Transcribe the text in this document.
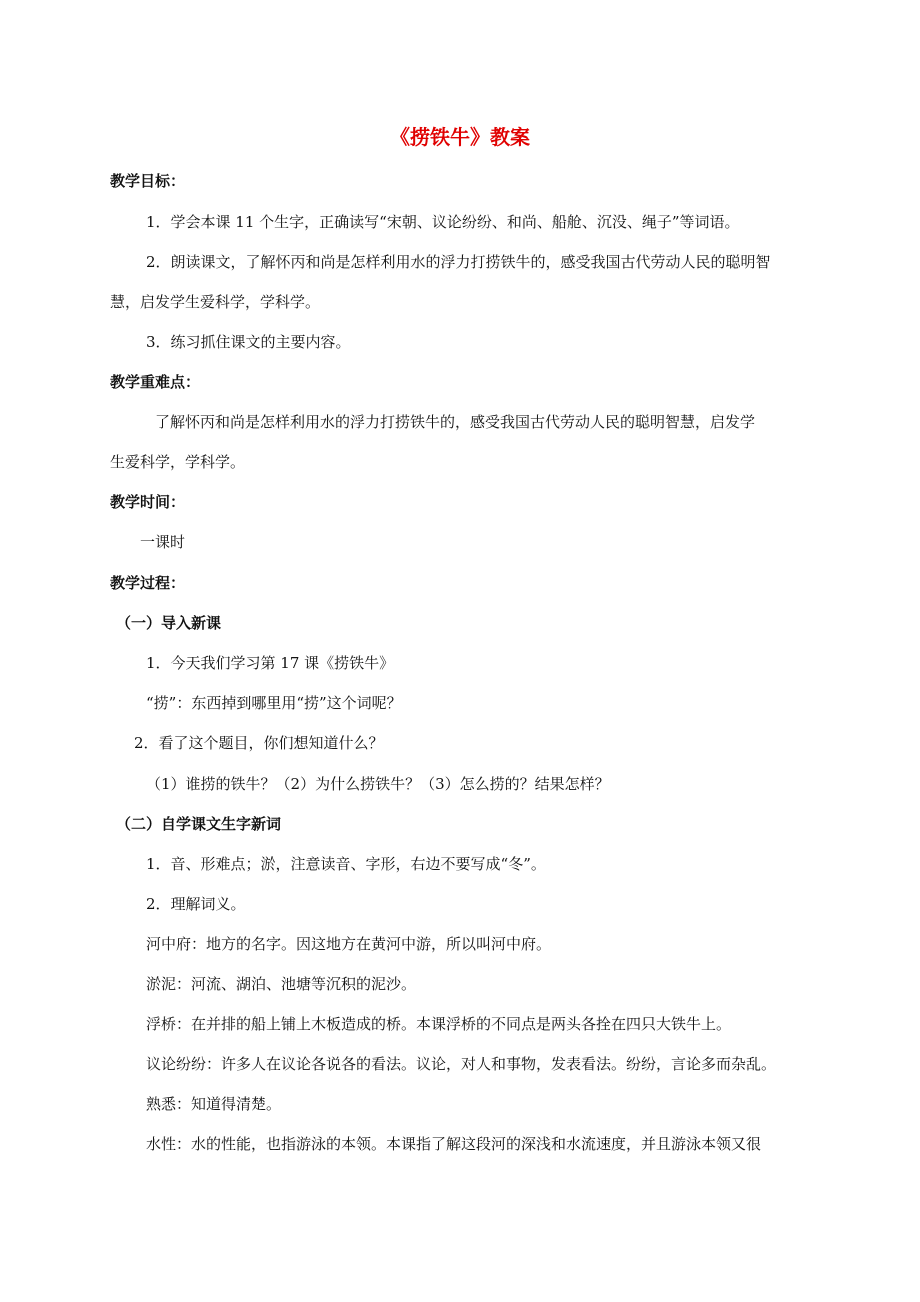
《捞铁牛》教案
教学目标：
1．学会本课 11 个生字，正确读写“宋朝、议论纷纷、和尚、船舱、沉没、绳子”等词语。
2．朗读课文，了解怀丙和尚是怎样利用水的浮力打捞铁牛的，感受我国古代劳动人民的聪明智
慧，启发学生爱科学，学科学。
3．练习抓住课文的主要内容。
教学重难点：
了解怀丙和尚是怎样利用水的浮力打捞铁牛的，感受我国古代劳动人民的聪明智慧，启发学
生爱科学，学科学。
教学时间：
一课时
教学过程：
（一）导入新课
1．今天我们学习第 17 课《捞铁牛》
“捞”：东西掉到哪里用“捞”这个词呢？
2．看了这个题目，你们想知道什么？
（1）谁捞的铁牛？（2）为什么捞铁牛？（3）怎么捞的？结果怎样？
（二）自学课文生字新词
1．音、形难点；淤，注意读音、字形，右边不要写成“冬”。
2．理解词义。
河中府：地方的名字。因这地方在黄河中游，所以叫河中府。
淤泥：河流、湖泊、池塘等沉积的泥沙。
浮桥：在并排的船上铺上木板造成的桥。本课浮桥的不同点是两头各拴在四只大铁牛上。
议论纷纷：许多人在议论各说各的看法。议论，对人和事物，发表看法。纷纷，言论多而杂乱。
熟悉：知道得清楚。
水性：水的性能，也指游泳的本领。本课指了解这段河的深浅和水流速度，并且游泳本领又很
